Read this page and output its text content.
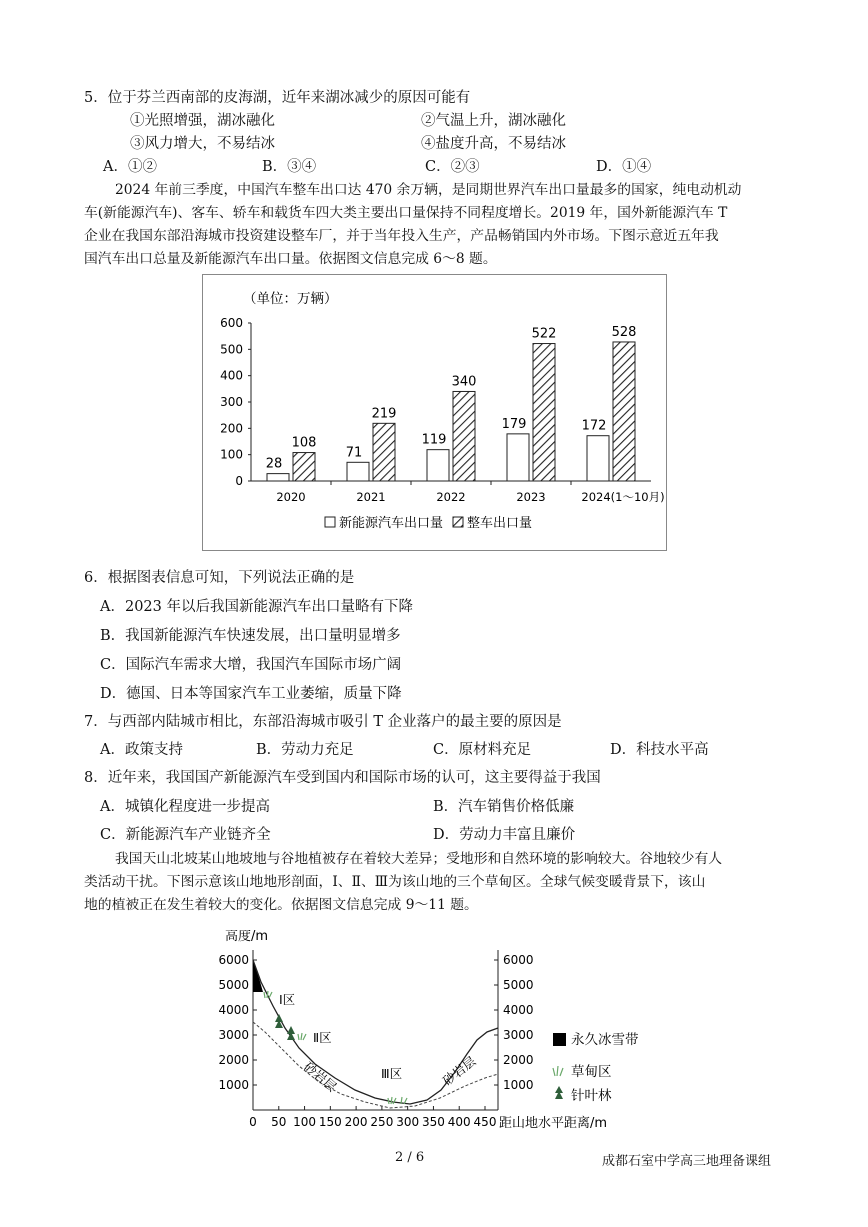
5．位于芬兰西南部的皮海湖，近年来湖冰减少的原因可能有
①光照增强，湖冰融化	②气温上升，湖冰融化
③风力增大，不易结冰	④盐度升高，不易结冰
A．①②	B．③④	C．②③	D．①④
2024 年前三季度，中国汽车整车出口达 470 余万辆，是同期世界汽车出口量最多的国家，纯电动机动
车(新能源汽车)、客车、轿车和载货车四大类主要出口量保持不同程度增长。2019 年，国外新能源汽车 T
企业在我国东部沿海城市投资建设整车厂，并于当年投入生产，产品畅销国内外市场。下图示意近五年我
国汽车出口总量及新能源汽车出口量。依据图文信息完成 6～8 题。
（单位：万辆）
0
100
200
300
400
500
600
2020	2021	2022	2023	2024(1～10月)
28
108
71
219
119
340
179
522
172
528
新能源汽车出口量 整车出口量
6．根据图表信息可知，下列说法正确的是
A．2023 年以后我国新能源汽车出口量略有下降
B．我国新能源汽车快速发展，出口量明显增多
C．国际汽车需求大增，我国汽车国际市场广阔
D．德国、日本等国家汽车工业萎缩，质量下降
7．与西部内陆城市相比，东部沿海城市吸引 T 企业落户的最主要的原因是
A．政策支持	B．劳动力充足	C．原材料充足	D．科技水平高
8．近年来，我国国产新能源汽车受到国内和国际市场的认可，这主要得益于我国
A．城镇化程度进一步提高	B．汽车销售价格低廉
C．新能源汽车产业链齐全	D．劳动力丰富且廉价
我国天山北坡某山地坡地与谷地植被存在着较大差异；受地形和自然环境的影响较大。谷地较少有人
类活动干扰。下图示意该山地地形剖面，Ⅰ、Ⅱ、Ⅲ为该山地的三个草甸区。全球气候变暖背景下，该山
地的植被正在发生着较大的变化。依据图文信息完成 9～11 题。
高度/m
1000	1000
2000	2000
3000	3000
4000	4000
5000	5000
6000	6000
0 50 100 150 200 250 300 350 400 450
Ⅰ区
Ⅱ区
Ⅲ区
砂岩层	砂岩层
永久冰雪带
草甸区
针叶林
距山地水平距离/m
2 / 6	成都石室中学高三地理备课组
